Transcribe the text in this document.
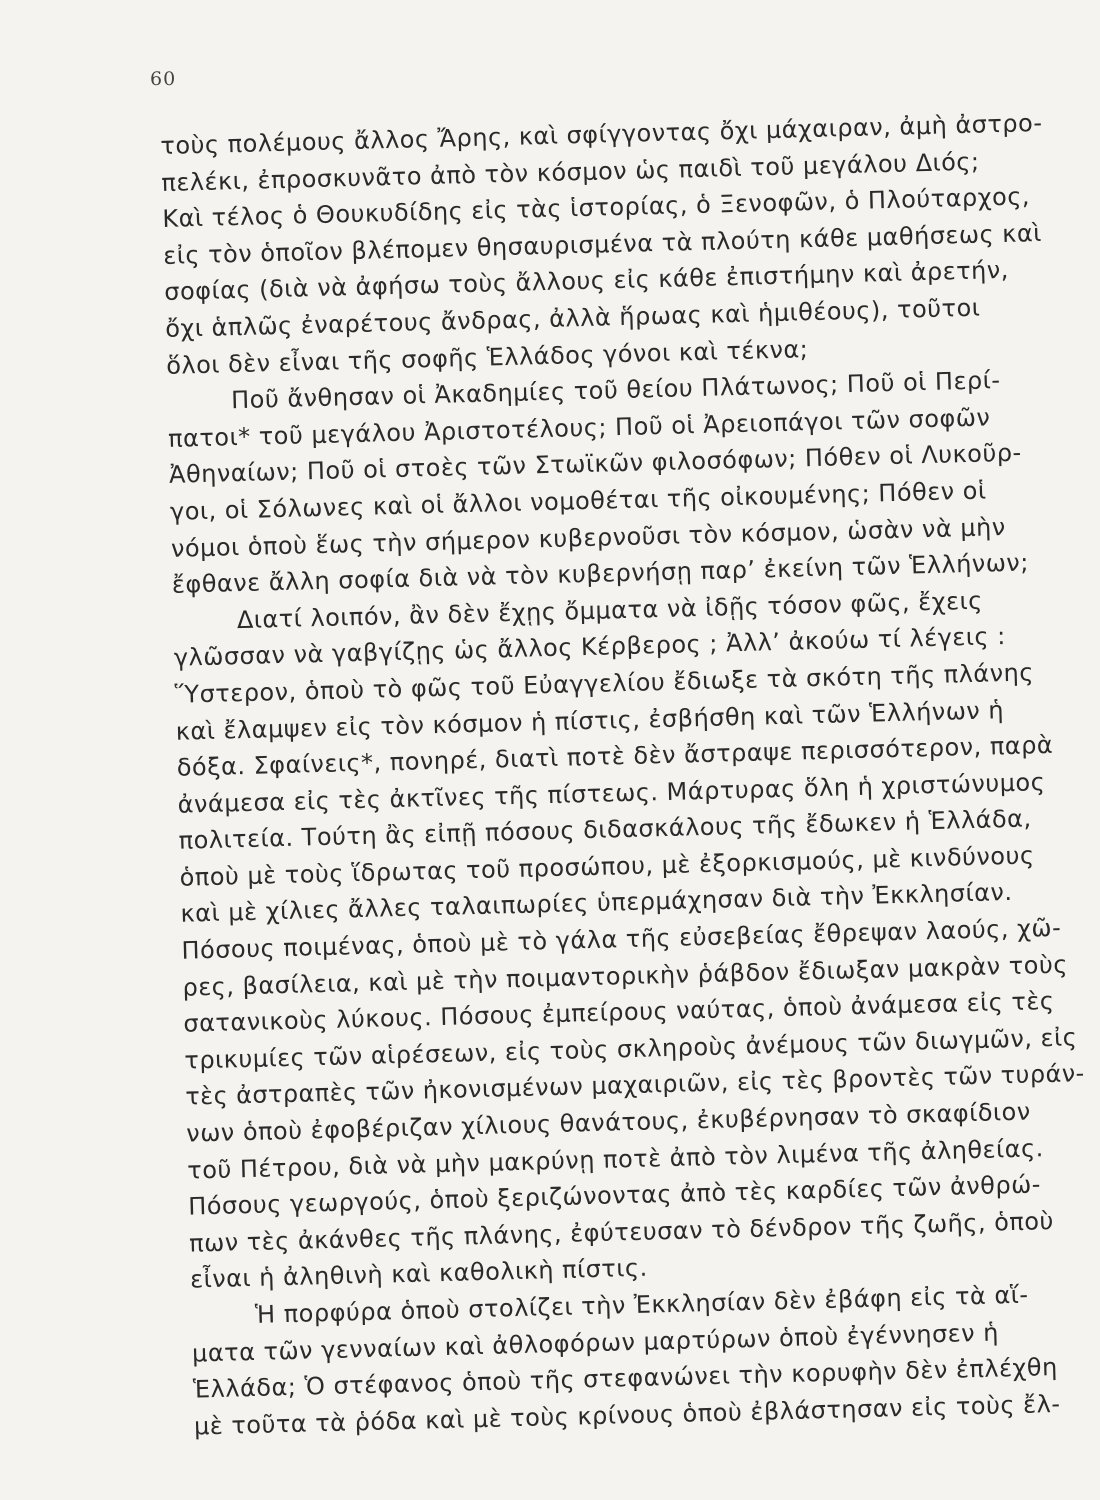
60
τοὺς πολέμους ἄλλος Ἄρης, καὶ σφίγγοντας ὄχι μάχαιραν, ἀμὴ ἀστρο-
πελέκι, ἐπροσκυνᾶτο ἀπὸ τὸν κόσμον ὡς παιδὶ τοῦ μεγάλου Διός;
Καὶ τέλος ὁ Θουκυδίδης εἰς τὰς ἱστορίας, ὁ Ξενοφῶν, ὁ Πλούταρχος,
εἰς τὸν ὁποῖον βλέπομεν θησαυρισμένα τὰ πλούτη κάθε μαθήσεως καὶ
σοφίας (διὰ νὰ ἀφήσω τοὺς ἄλλους εἰς κάθε ἐπιστήμην καὶ ἀρετήν,
ὄχι ἁπλῶς ἐναρέτους ἄνδρας, ἀλλὰ ἥρωας καὶ ἡμιθέους), τοῦτοι
ὅλοι δὲν εἶναι τῆς σοφῆς Ἑλλάδος γόνοι καὶ τέκνα;
Ποῦ ἄνθησαν οἱ Ἀκαδημίες τοῦ θείου Πλάτωνος; Ποῦ οἱ Περί-
πατοι* τοῦ μεγάλου Ἀριστοτέλους; Ποῦ οἱ Ἀρειοπάγοι τῶν σοφῶν
Ἀθηναίων; Ποῦ οἱ στοὲς τῶν Στωϊκῶν φιλοσόφων; Πόθεν οἱ Λυκοῦρ-
γοι, οἱ Σόλωνες καὶ οἱ ἄλλοι νομοθέται τῆς οἰκουμένης; Πόθεν οἱ
νόμοι ὁποὺ ἕως τὴν σήμερον κυβερνοῦσι τὸν κόσμον, ὡσὰν νὰ μὴν
ἔφθανε ἄλλη σοφία διὰ νὰ τὸν κυβερνήσῃ παρ’ ἐκείνη τῶν Ἑλλήνων;
Διατί λοιπόν, ἂν δὲν ἔχῃς ὄμματα νὰ ἰδῇς τόσον φῶς, ἔχεις
γλῶσσαν νὰ γαβγίζῃς ὡς ἄλλος Κέρβερος ; Ἀλλ’ ἀκούω τί λέγεις :
Ὕστερον, ὁποὺ τὸ φῶς τοῦ Εὐαγγελίου ἔδιωξε τὰ σκότη τῆς πλάνης
καὶ ἔλαμψεν εἰς τὸν κόσμον ἡ πίστις, ἐσβήσθη καὶ τῶν Ἑλλήνων ἡ
δόξα. Σφαίνεις*, πονηρέ, διατὶ ποτὲ δὲν ἄστραψε περισσότερον, παρὰ
ἀνάμεσα εἰς τὲς ἀκτῖνες τῆς πίστεως. Μάρτυρας ὅλη ἡ χριστώνυμος
πολιτεία. Τούτη ἂς εἰπῇ πόσους διδασκάλους τῆς ἔδωκεν ἡ Ἑλλάδα,
ὁποὺ μὲ τοὺς ἵδρωτας τοῦ προσώπου, μὲ ἐξορκισμούς, μὲ κινδύνους
καὶ μὲ χίλιες ἄλλες ταλαιπωρίες ὑπερμάχησαν διὰ τὴν Ἐκκλησίαν.
Πόσους ποιμένας, ὁποὺ μὲ τὸ γάλα τῆς εὐσεβείας ἔθρεψαν λαούς, χῶ-
ρες, βασίλεια, καὶ μὲ τὴν ποιμαντορικὴν ῥάβδον ἔδιωξαν μακρὰν τοὺς
σατανικοὺς λύκους. Πόσους ἐμπείρους ναύτας, ὁποὺ ἀνάμεσα εἰς τὲς
τρικυμίες τῶν αἱρέσεων, εἰς τοὺς σκληροὺς ἀνέμους τῶν διωγμῶν, εἰς
τὲς ἀστραπὲς τῶν ἠκονισμένων μαχαιριῶν, εἰς τὲς βροντὲς τῶν τυράν-
νων ὁποὺ ἐφοβέριζαν χίλιους θανάτους, ἐκυβέρνησαν τὸ σκαφίδιον
τοῦ Πέτρου, διὰ νὰ μὴν μακρύνῃ ποτὲ ἀπὸ τὸν λιμένα τῆς ἀληθείας.
Πόσους γεωργούς, ὁποὺ ξεριζώνοντας ἀπὸ τὲς καρδίες τῶν ἀνθρώ-
πων τὲς ἀκάνθες τῆς πλάνης, ἐφύτευσαν τὸ δένδρον τῆς ζωῆς, ὁποὺ
εἶναι ἡ ἀληθινὴ καὶ καθολικὴ πίστις.
Ἡ πορφύρα ὁποὺ στολίζει τὴν Ἐκκλησίαν δὲν ἐβάφη εἰς τὰ αἵ-
ματα τῶν γενναίων καὶ ἀθλοφόρων μαρτύρων ὁποὺ ἐγέννησεν ἡ
Ἑλλάδα; Ὁ στέφανος ὁποὺ τῆς στεφανώνει τὴν κορυφὴν δὲν ἐπλέχθη
μὲ τοῦτα τὰ ῥόδα καὶ μὲ τοὺς κρίνους ὁποὺ ἐβλάστησαν εἰς τοὺς ἔλ-
